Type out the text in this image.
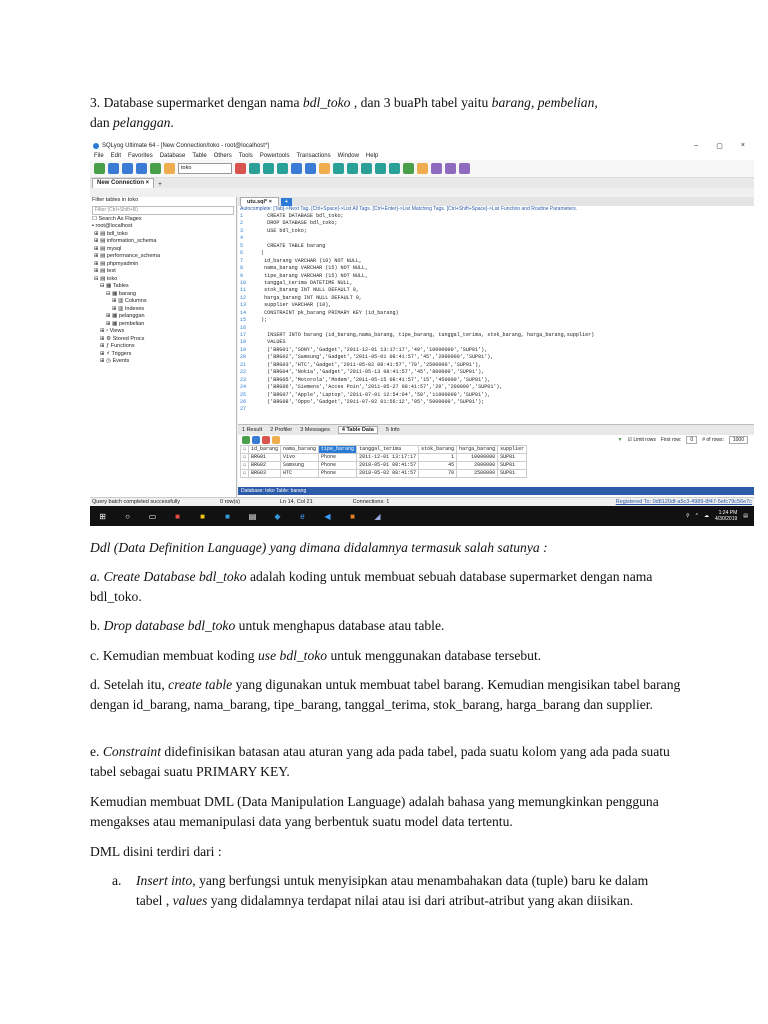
3. Database supermarket dengan nama bdl_toko , dan 3 buaPh tabel yaitu barang, pembelian,
dan pelanggan.

SQLyog Ultimate 64 - [New Connection/toko - root@localhost*]	–	▢	×
File Edit Favorites Database Table Others Tools Powertools Transactions Window Help
toko
New Connection ×	+
Filter tables in toko
Filter (Ctrl+Shift+B)
☐ Search As Flagex
▪ root@localhost
⊞ ▤ bdl_toko
⊞ ▤ information_schema
⊞ ▤ mysql
⊞ ▤ performance_schema
⊞ ▤ phpmyadmin
⊞ ▤ test
⊟ ▤ toko
⊟ ▦ Tables
⊟ ▦ barang
⊞ ▥ Columns
⊞ ▥ Indexes
⊞ ▦ pelanggan
⊞ ▦ pembelian
⊞ ▫ Views
⊞ ⚙ Stored Procs
⊞ ƒ Functions
⊞ ⚡ Triggers
⊞ ◷ Events
utu.sql* ×	+
Autocomplete: [Tab]->Next Tag. [Ctrl+Space]->List All Tags. [Ctrl+Enter]->List Matching Tags. [Ctrl+Shift+Space]->List Function and Routine Parameters.
1	CREATE DATABASE bdl_toko;
2	DROP DATABASE bdl_toko;
3	USE bdl_toko;
4
5	CREATE TABLE barang
6	(
7	id_barang VARCHAR (10) NOT NULL,
8	nama_barang VARCHAR (15) NOT NULL,
9	tipe_barang VARCHAR (15) NOT NULL,
10	tanggal_terima DATETIME NULL,
11	stok_barang INT NULL DEFAULT 0,
12	harga_barang INT NULL DEFAULT 0,
13	supplier VARCHAR (10),
14	CONSTRAINT pk_barang PRIMARY KEY (id_barang)
15	);
16
17	INSERT INTO barang (id_barang,nama_barang, tipe_barang, tanggal_terima, stok_barang, harga_barang,supplier)
18	VALUES
19	('BRG01','SONY','Gadget','2011-12-01 13:17:17','49','10000000','SUP01'),
20	('BRG02','Samsung','Gadget','2011-05-01 08:41:57','45','2000000','SUP01'),
21	('BRG03','HTC','Gadget','2011-05-02 08:41:57','70','2500000','SUP01'),
22	('BRG04','Nokia','Gadget','2011-05-13 08:41:57','45','800000','SUP01'),
23	('BRG05','Motorola','Modem','2011-05-15 08:41:57','15','450000','SUP01'),
24	('BRG06','Siemens','Acces Poin','2011-05-27 08:41:57','20','200000','SUP01'),
25	('BRG07','Apple','Laptop','2011-07-01 12:54:04','50','11000000','SUP01'),
26	('BRG08','Oppo','Gadget','2011-07-02 01:56:12','95','5000000','SUP01');
27
1 Result 2 Profiler 3 Messages	4 Table Data	5 Info
▼ ☑ Limit rows First row:	0	# of rows:	1000
☐	id_barang	nama_barang	tipe_barang	tanggal_terima	stok_barang	harga_barang	supplier
☐	BRG01	Vivo	Phone	2011-12-01 13:17:17	1	10000000	SUP01
☐	BRG02	Samsung	Phone	2018-05-01 08:41:57	45	2000000	SUP01
☐	BRG03	HTC	Phone	2018-05-02 08:41:57	70	2500000	SUP01
Database: toko Table: barang
Query batch completed successfully	0 row(s)	Ln 14, Col 21	Connections: 1	Registered To: 0d8120df-a5c3-4989-8f47-5efc79c56e7c
⊞	○	▭	■	■	■	▤	◆	e	◀	■	◢	⚲ ^ ☁	1:24 PM
4/30/2019 ▤

Ddl (Data Definition Language) yang dimana didalamnya termasuk salah satunya :

a. Create Database bdl_toko adalah koding untuk membuat sebuah database supermarket dengan nama bdl_toko.

b. Drop database bdl_toko untuk menghapus database atau table.

c. Kemudian membuat koding use bdl_toko untuk menggunakan database tersebut.

d. Setelah itu, create table yang digunakan untuk membuat tabel barang. Kemudian mengisikan tabel barang dengan id_barang, nama_barang, tipe_barang, tanggal_terima, stok_barang, harga_barang dan supplier.

e. Constraint didefinisikan batasan atau aturan yang ada pada tabel, pada suatu kolom yang ada pada suatu tabel sebagai suatu PRIMARY KEY.

Kemudian membuat DML (Data Manipulation Language) adalah bahasa yang memungkinkan pengguna mengakses atau memanipulasi data yang berbentuk suatu model data tertentu.

DML disini terdiri dari :

a.	Insert into, yang berfungsi untuk menyisipkan atau menambahakan data (tuple) baru ke dalam tabel , values yang didalamnya terdapat nilai atau isi dari atribut-atribut yang akan diisikan.
